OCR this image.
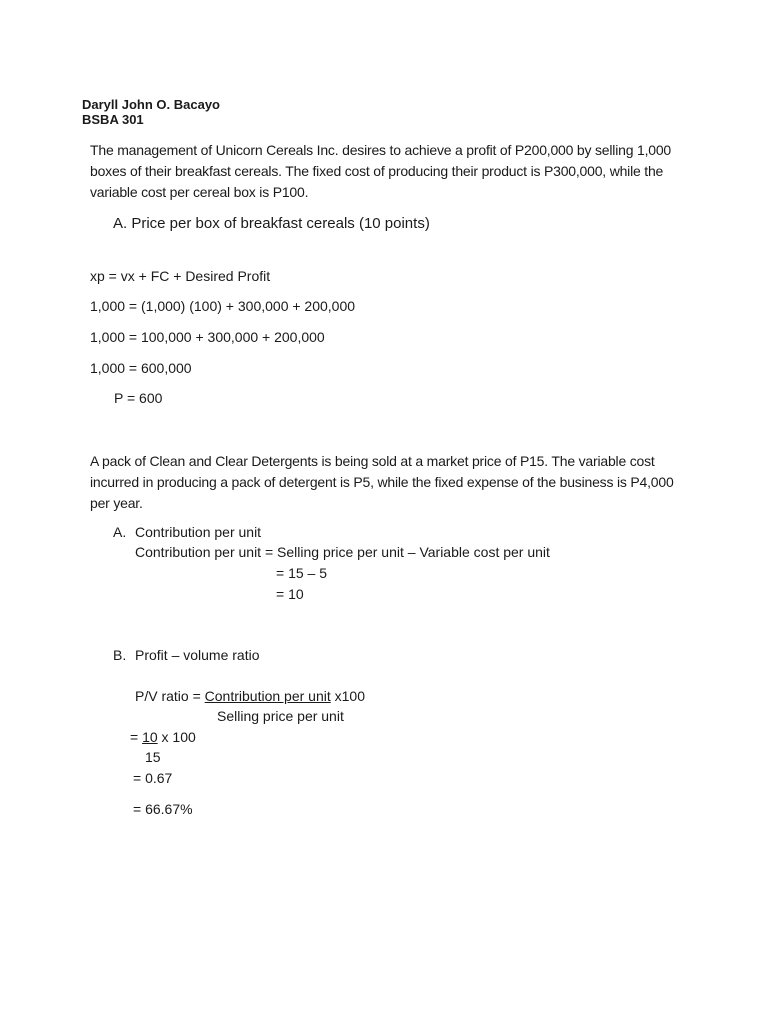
Daryll John O. Bacayo
BSBA 301
The management of Unicorn Cereals Inc. desires to achieve a profit of P200,000 by selling 1,000 boxes of their breakfast cereals. The fixed cost of producing their product is P300,000, while the variable cost per cereal box is P100.
A. Price per box of breakfast cereals (10 points)
xp = vx + FC + Desired Profit
1,000 = (1,000) (100) + 300,000 + 200,000
1,000 = 100,000 + 300,000 + 200,000
1,000 = 600,000
P = 600
A pack of Clean and Clear Detergents is being sold at a market price of P15. The variable cost incurred in producing a pack of detergent is P5, while the fixed expense of the business is P4,000 per year.
A. Contribution per unit
Contribution per unit = Selling price per unit – Variable cost per unit
= 15 – 5
= 10
B. Profit – volume ratio
P/V ratio = Contribution per unit x100
Selling price per unit
= 10 x 100
15
= 0.67
= 66.67%
